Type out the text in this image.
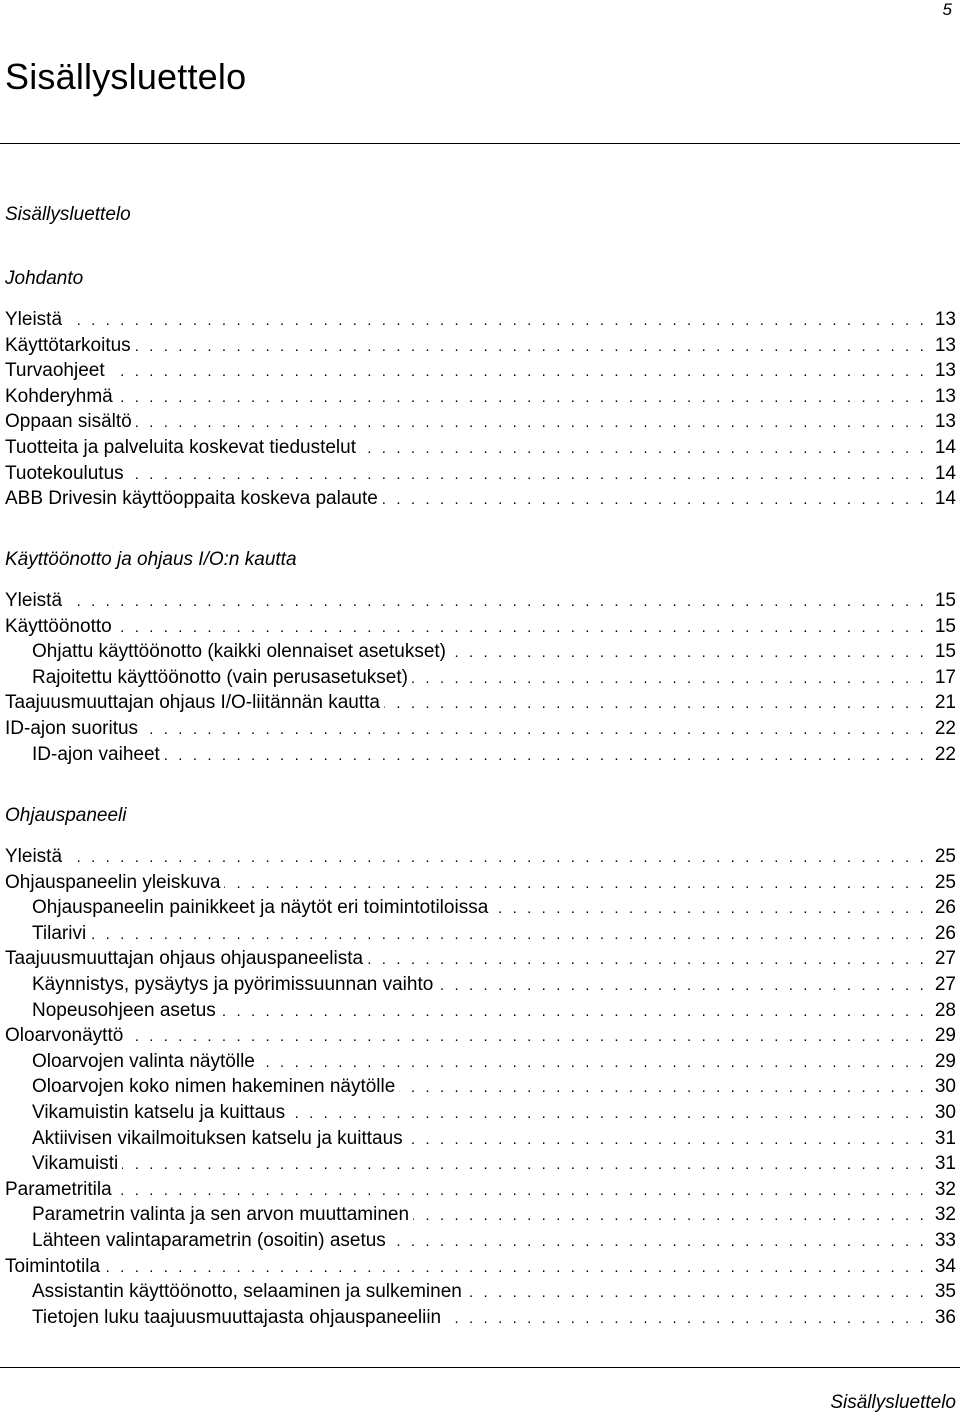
5
Sisällysluettelo
Sisällysluettelo
Johdanto
Yleistä . . .	13
Käyttötarkoitus . . .	13
Turvaohjeet . . .	13
Kohderyhmä . . .	13
Oppaan sisältö . . .	13
Tuotteita ja palveluita koskevat tiedustelut . . .	14
Tuotekoulutus . . .	14
ABB Drivesin käyttöoppaita koskeva palaute . . .	14
Käyttöönotto ja ohjaus I/O:n kautta
Yleistä . . .	15
Käyttöönotto . . .	15
Ohjattu käyttöönotto (kaikki olennaiset asetukset) . . .	15
Rajoitettu käyttöönotto (vain perusasetukset) . . .	17
Taajuusmuuttajan ohjaus I/O-liitännän kautta . . .	21
ID-ajon suoritus . . .	22
ID-ajon vaiheet . . .	22
Ohjauspaneeli
Yleistä . . .	25
Ohjauspaneelin yleiskuva . . .	25
Ohjauspaneelin painikkeet ja näytöt eri toimintotiloissa . . .	26
Tilarivi . . .	26
Taajuusmuuttajan ohjaus ohjauspaneelista . . .	27
Käynnistys, pysäytys ja pyörimissuunnan vaihto . . .	27
Nopeusohjeen asetus . . .	28
Oloarvonäyttö . . .	29
Oloarvojen valinta näytölle . . .	29
Oloarvojen koko nimen hakeminen näytölle . . .	30
Vikamuistin katselu ja kuittaus . . .	30
Aktiivisen vikailmoituksen katselu ja kuittaus . . .	31
Vikamuisti . . .	31
Parametritila . . .	32
Parametrin valinta ja sen arvon muuttaminen . . .	32
Lähteen valintaparametrin (osoitin) asetus . . .	33
Toimintotila . . .	34
Assistantin käyttöönotto, selaaminen ja sulkeminen . . .	35
Tietojen luku taajuusmuuttajasta ohjauspaneeliin . . .	36
Sisällysluettelo
